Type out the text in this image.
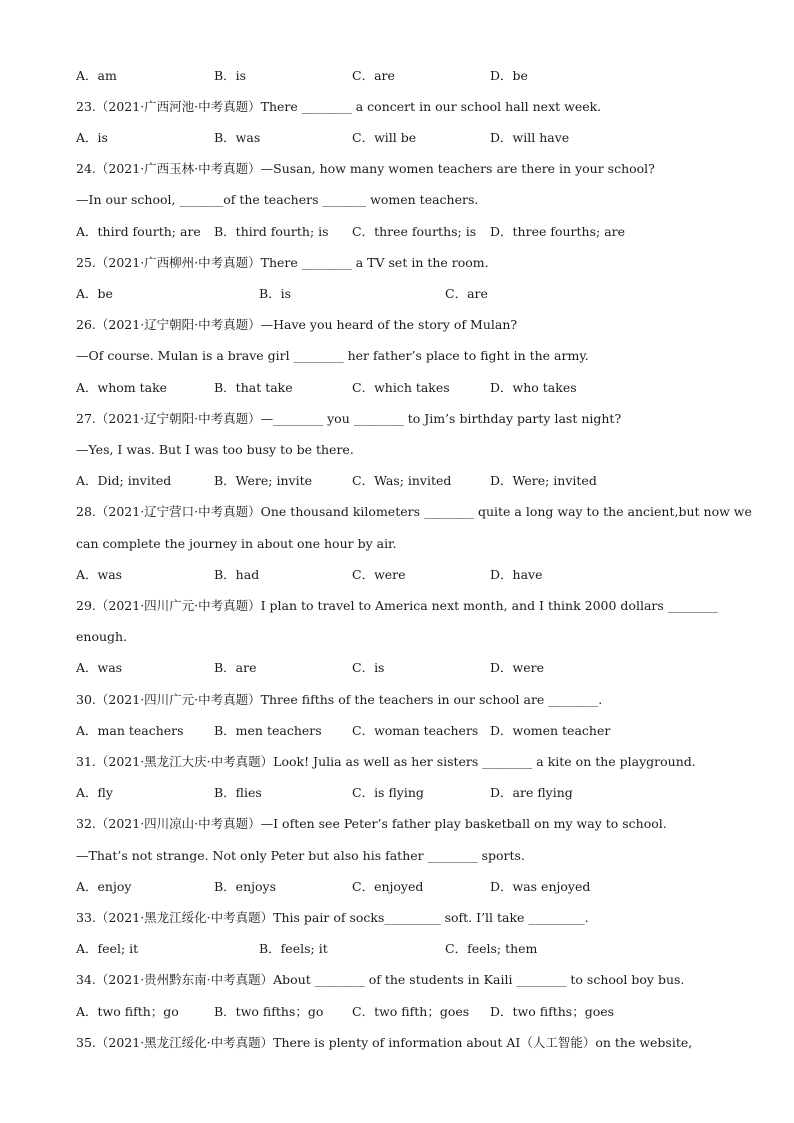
A．am	B．is	C．are	D．be
23.（2021·广西河池·中考真题）There ________ a concert in our school hall next week.
A．is	B．was	C．will be	D．will have
24.（2021·广西玉林·中考真题）—Susan, how many women teachers are there in your school?
—In our school, _______of the teachers _______ women teachers.
A．third fourth; are B．third fourth; is C．three fourths; is D．three fourths; are
25.（2021·广西柳州·中考真题）There ________ a TV set in the room.
A．be	B．is	C．are
26.（2021·辽宁朝阳·中考真题）—Have you heard of the story of Mulan?
—Of course. Mulan is a brave girl ________ her father’s place to fight in the army.
A．whom take	B．that take	C．which takes	D．who takes
27.（2021·辽宁朝阳·中考真题）—________ you ________ to Jim’s birthday party last night?
—Yes, I was. But I was too busy to be there.
A．Did; invited	B．Were; invite	C．Was; invited	D．Were; invited
28.（2021·辽宁营口·中考真题）One thousand kilometers ________ quite a long way to the ancient,but now we
can complete the journey in about one hour by air.
A．was	B．had	C．were	D．have
29.（2021·四川广元·中考真题）I plan to travel to America next month, and I think 2000 dollars ________
enough.
A．was	B．are	C．is	D．were
30.（2021·四川广元·中考真题）Three fifths of the teachers in our school are ________.
A．man teachers B．men teachers C．woman teachers D．women teacher
31.（2021·黑龙江大庆·中考真题）Look! Julia as well as her sisters ________ a kite on the playground.
A．fly	B．flies	C．is flying	D．are flying
32.（2021·四川凉山·中考真题）—I often see Peter’s father play basketball on my way to school.
—That’s not strange. Not only Peter but also his father ________ sports.
A．enjoy	B．enjoys	C．enjoyed	D．was enjoyed
33.（2021·黑龙江绥化·中考真题）This pair of socks_________ soft. I’ll take _________.
A．feel; it	B．feels; it	C．feels; them
34.（2021·贵州黔东南·中考真题）About ________ of the students in Kaili ________ to school boy bus.
A．two fifth；go	B．two fifths；go C．two fifth；goes D．two fifths；goes
35.（2021·黑龙江绥化·中考真题）There is plenty of information about AI（人工智能）on the website,
